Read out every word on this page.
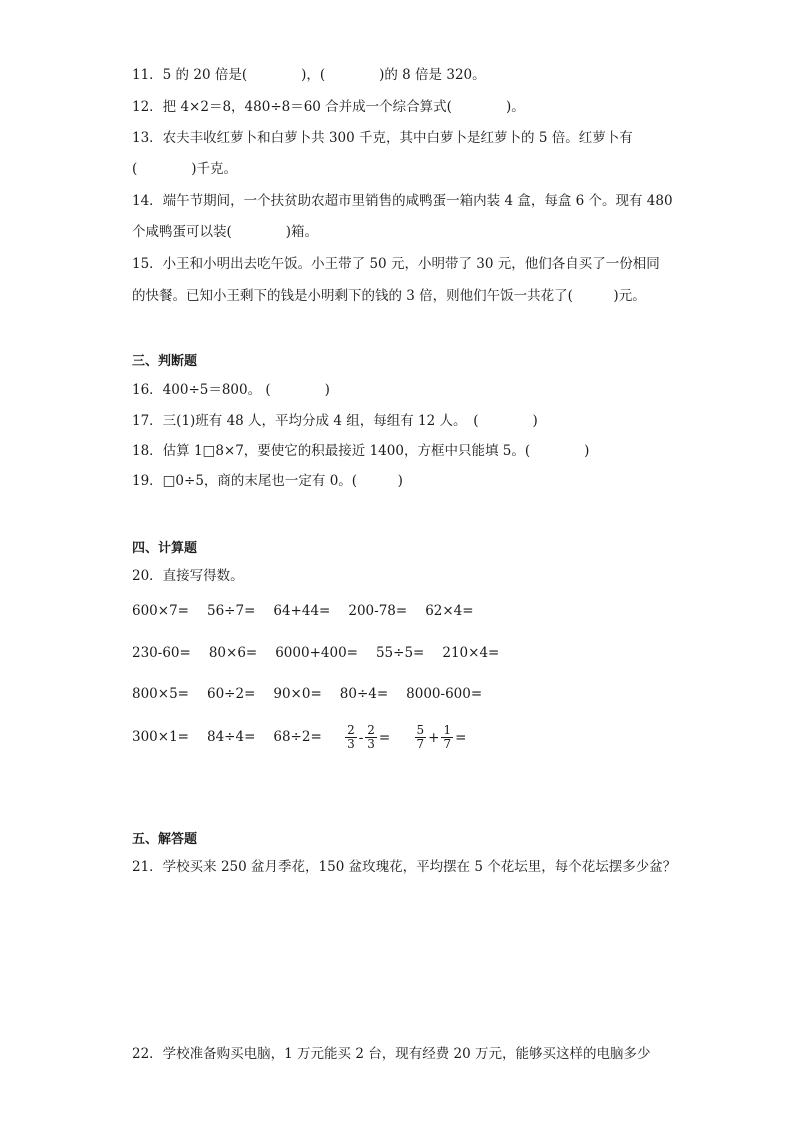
11．5 的 20 倍是(　　　　)，(　　　　)的 8 倍是 320。
12．把 4×2＝8，480÷8＝60 合并成一个综合算式(　　　　)。
13．农夫丰收红萝卜和白萝卜共 300 千克，其中白萝卜是红萝卜的 5 倍。红萝卜有
(　　　　)千克。
14．端午节期间，一个扶贫助农超市里销售的咸鸭蛋一箱内装 4 盒，每盒 6 个。现有 480
个咸鸭蛋可以装(　　　　)箱。
15．小王和小明出去吃午饭。小王带了 50 元，小明带了 30 元，他们各自买了一份相同
的快餐。已知小王剩下的钱是小明剩下的钱的 3 倍，则他们午饭一共花了(　　　)元。
三、判断题
16．400÷5＝800。 (　　　　)
17．三(1)班有 48 人，平均分成 4 组，每组有 12 人。　(　　　　)
18．估算 1□8×7，要使它的积最接近 1400，方框中只能填 5。(　　　　)
19．□0÷5，商的末尾也一定有 0。(　　　)
四、计算题
20．直接写得数。
600×7= 56÷7= 64+44= 200-78= 62×4=
230-60= 80×6= 6000+400= 55÷5= 210×4=
800×5= 60÷2= 90×0= 80÷4= 8000-600=
$300\times 1= 84\div 4= 68\div 2= \frac{2}{3} - \frac{2}{3} = \frac{5}{7} + \frac{1}{7}$ =
五、解答题
21．学校买来 250 盆月季花，150 盆玫瑰花，平均摆在 5 个花坛里，每个花坛摆多少盆？
22．学校准备购买电脑，1 万元能买 2 台，现有经费 20 万元，能够买这样的电脑多少
